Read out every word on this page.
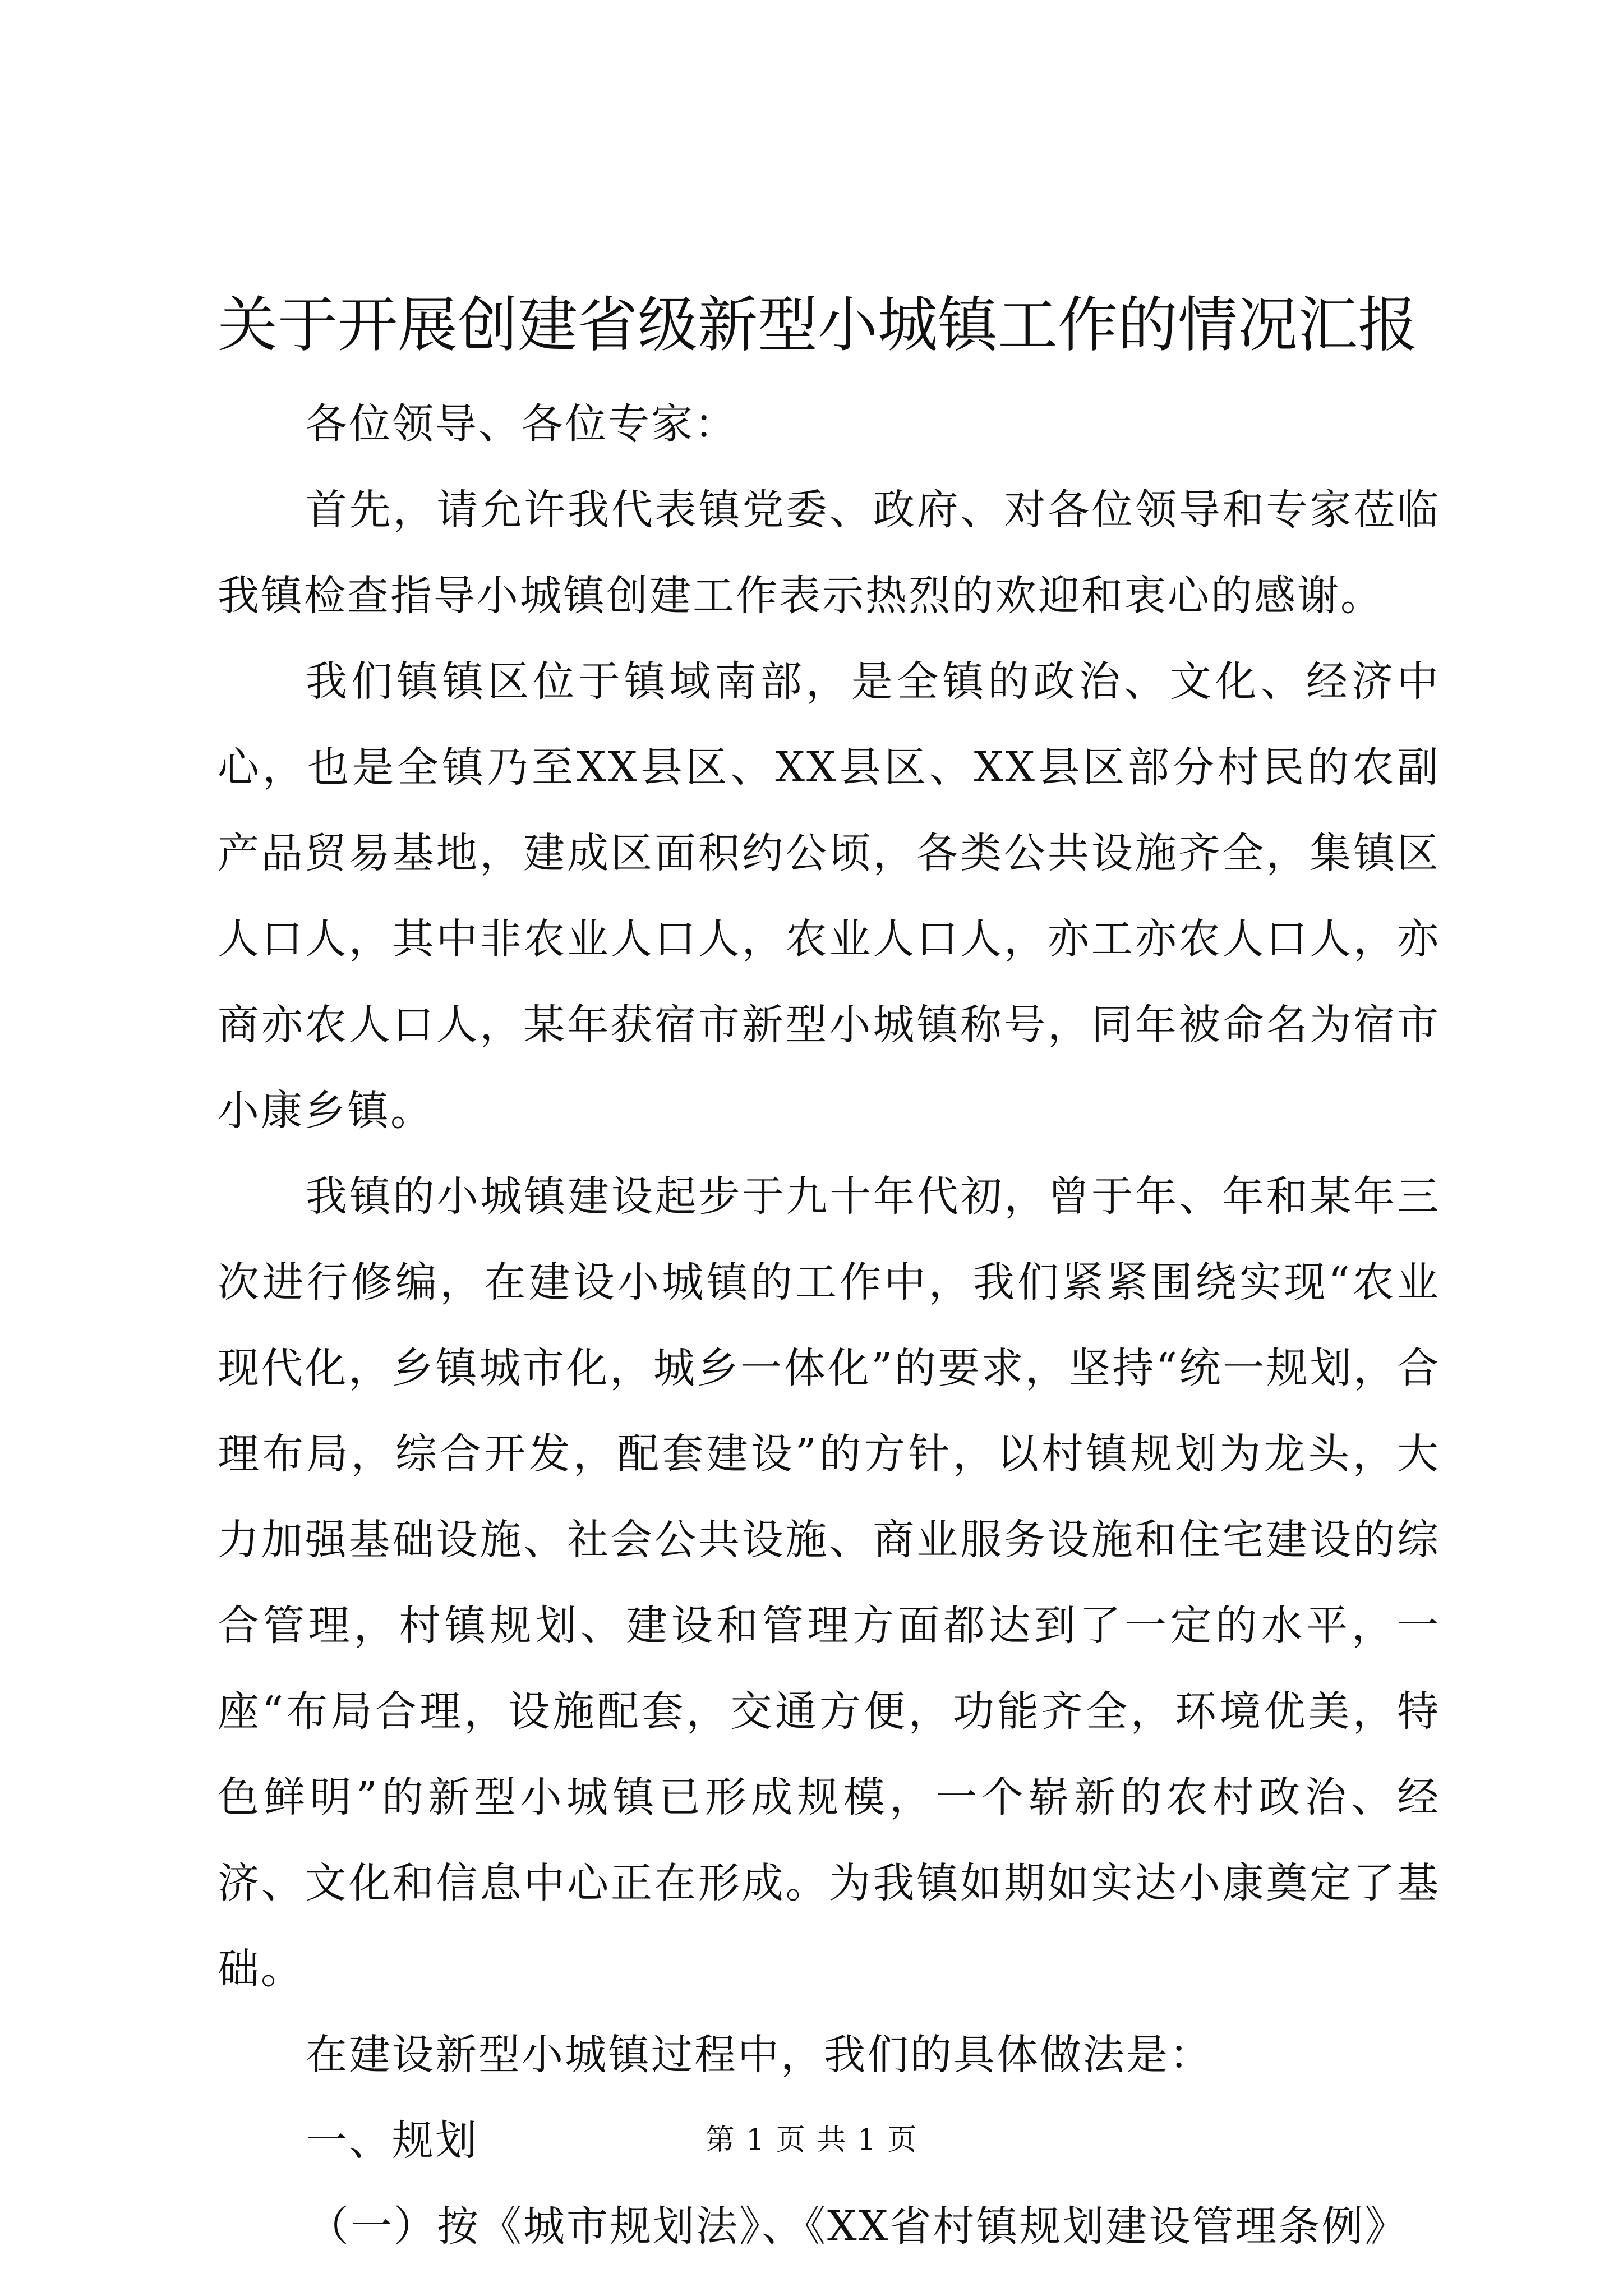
关于开展创建省级新型小城镇工作的情况汇报

各位领导、各位专家：

首先，请允许我代表镇党委、政府、对各位领导和专家莅临我镇检查指导小城镇创建工作表示热烈的欢迎和衷心的感谢。

我们镇镇区位于镇域南部，是全镇的政治、文化、经济中心，也是全镇乃至XX县区、XX县区、XX县区部分村民的农副产品贸易基地，建成区面积约公顷，各类公共设施齐全，集镇区人口人，其中非农业人口人，农业人口人，亦工亦农人口人，亦商亦农人口人，某年获宿市新型小城镇称号，同年被命名为宿市小康乡镇。

我镇的小城镇建设起步于九十年代初，曾于年、年和某年三次进行修编，在建设小城镇的工作中，我们紧紧围绕实现“农业现代化，乡镇城市化，城乡一体化”的要求，坚持“统一规划，合理布局，综合开发，配套建设”的方针，以村镇规划为龙头，大力加强基础设施、社会公共设施、商业服务设施和住宅建设的综合管理，村镇规划、建设和管理方面都达到了一定的水平，一座“布局合理，设施配套，交通方便，功能齐全，环境优美，特色鲜明”的新型小城镇已形成规模，一个崭新的农村政治、经济、文化和信息中心正在形成。为我镇如期如实达小康奠定了基础。

在建设新型小城镇过程中，我们的具体做法是：

一、规划

（一）按《城市规划法》、《XX省村镇规划建设管理条例》

第 1 页 共 1 页
